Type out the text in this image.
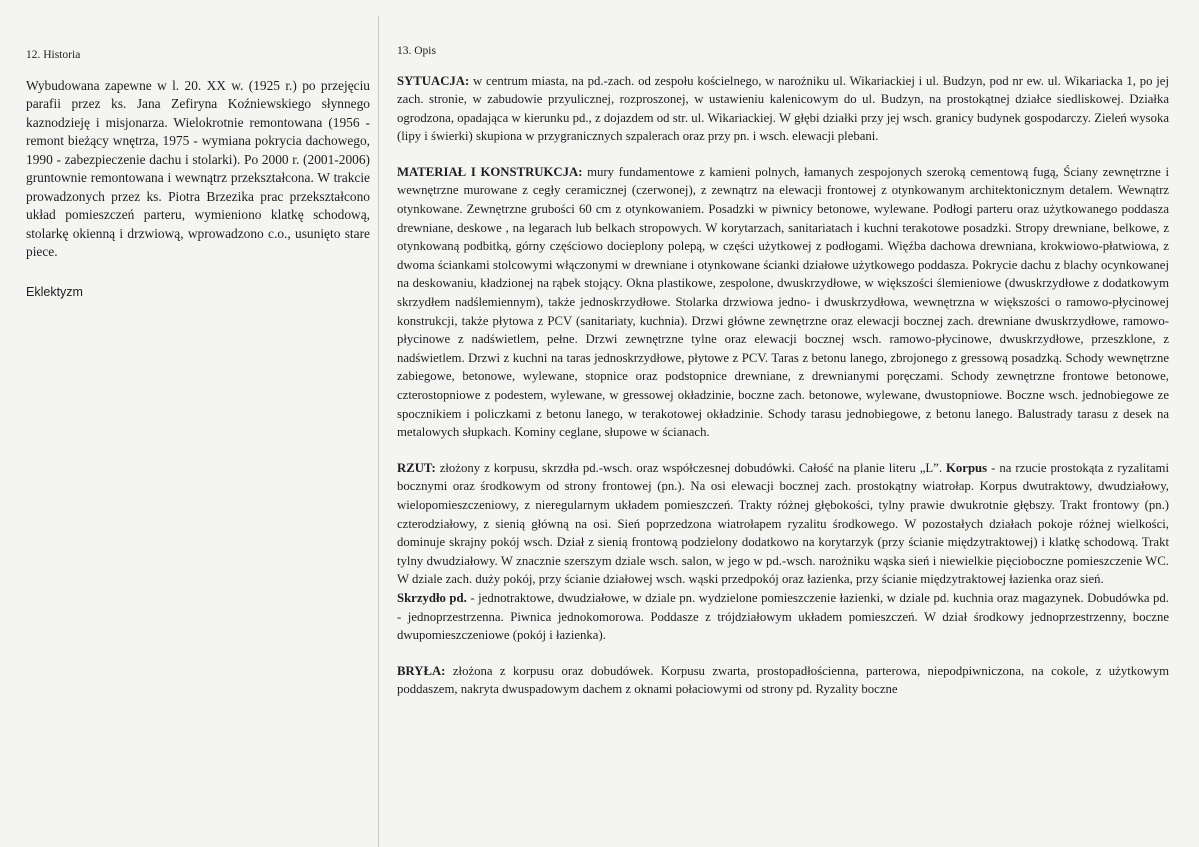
12. Historia

Wybudowana zapewne w l. 20. XX w. (1925 r.) po przejęciu parafii przez ks. Jana Zefiryna Koźniewskiego słynnego kaznodzieję i misjonarza. Wielokrotnie remontowana (1956 - remont bieżący wnętrza, 1975 - wymiana pokrycia dachowego, 1990 - zabezpieczenie dachu i stolarki). Po 2000 r. (2001-2006) gruntownie remontowana i wewnątrz przekształcona. W trakcie prowadzonych przez ks. Piotra Brzezika prac przekształcono układ pomieszczeń parteru, wymieniono klatkę schodową, stolarkę okienną i drzwiową, wprowadzono c.o., usunięto stare piece.

Eklektyzm
13. Opis

SYTUACJA: w centrum miasta, na pd.-zach. od zespołu kościelnego, w narożniku ul. Wikariackiej i ul. Budzyn, pod nr ew. ul. Wikariacka 1, po jej zach. stronie, w zabudowie przyulicznej, rozproszonej, w ustawieniu kalenicowym do ul. Budzyn, na prostokątnej działce siedliskowej. Działka ogrodzona, opadająca w kierunku pd., z dojazdem od str. ul. Wikariackiej. W głębi działki przy jej wsch. granicy budynek gospodarczy. Zieleń wysoka (lipy i świerki) skupiona w przygranicznych szpalerach oraz przy pn. i wsch. elewacji plebani.

MATERIAŁ I KONSTRUKCJA: mury fundamentowe z kamieni polnych, łamanych zespojonych szeroką cementową fugą, Ściany zewnętrzne i wewnętrzne murowane z cegły ceramicznej (czerwonej), z zewnątrz na elewacji frontowej z otynkowanym architektonicznym detalem. Wewnątrz otynkowane. Zewnętrzne grubości 60 cm z otynkowaniem. Posadzki w piwnicy betonowe, wylewane. Podłogi parteru oraz użytkowanego poddasza drewniane, deskowe , na legarach lub belkach stropowych. W korytarzach, sanitariatach i kuchni terakotowe posadzki. Stropy drewniane, belkowe, z otynkowaną podbitką, górny częściowo docieplony polepą, w części użytkowej z podłogami. Więźba dachowa drewniana, krokwiowo-płatwiowa, z dwoma ściankami stolcowymi włączonymi w drewniane i otynkowane ścianki działowe użytkowego poddasza. Pokrycie dachu z blachy ocynkowanej na deskowaniu, kładzionej na rąbek stojący. Okna plastikowe, zespolone, dwuskrzydłowe, w większości ślemieniowe (dwuskrzydłowe z dodatkowym skrzydłem nadślemiennym), także jednoskrzydłowe. Stolarka drzwiowa jedno- i dwuskrzydłowa, wewnętrzna w większości o ramowo-płycinowej konstrukcji, także płytowa z PCV (sanitariaty, kuchnia). Drzwi główne zewnętrzne oraz elewacji bocznej zach. drewniane dwuskrzydłowe, ramowo-płycinowe z nadświetlem, pełne. Drzwi zewnętrzne tylne oraz elewacji bocznej wsch. ramowo-płycinowe, dwuskrzydłowe, przeszklone, z nadświetlem. Drzwi z kuchni na taras jednoskrzydłowe, płytowe z PCV. Taras z betonu lanego, zbrojonego z gressową posadzką. Schody wewnętrzne zabiegowe, betonowe, wylewane, stopnice oraz podstopnice drewniane, z drewnianymi poręczami. Schody zewnętrzne frontowe betonowe, czterostopniowe z podestem, wylewane, w gressowej okładzinie, boczne zach. betonowe, wylewane, dwustopniowe. Boczne wsch. jednobiegowe ze spocznikiem i policzkami z betonu lanego, w terakotowej okładzinie. Schody tarasu jednobiegowe, z betonu lanego. Balustrady tarasu z desek na metalowych słupkach. Kominy ceglane, słupowe w ścianach.

RZUT: złożony z korpusu, skrzdła pd.-wsch. oraz współczesnej dobudówki. Całość na planie literu „L”. Korpus - na rzucie prostokąta z ryzalitami bocznymi oraz środkowym od strony frontowej (pn.). Na osi elewacji bocznej zach. prostokątny wiatrołap. Korpus dwutraktowy, dwudziałowy, wielopomieszczeniowy, z nieregularnym układem pomieszczeń. Trakty różnej głębokości, tylny prawie dwukrotnie głębszy. Trakt frontowy (pn.) czterodziałowy, z sienią główną na osi. Sień poprzedzona wiatrołapem ryzalitu środkowego. W pozostałych działach pokoje różnej wielkości, dominuje skrajny pokój wsch. Dział z sienią frontową podzielony dodatkowo na korytarzyk (przy ścianie międzytraktowej) i klatkę schodową. Trakt tylny dwudziałowy. W znacznie szerszym dziale wsch. salon, w jego w pd.-wsch. narożniku wąska sień i niewielkie pięcioboczne pomieszczenie WC. W dziale zach. duży pokój, przy ścianie działowej wsch. wąski przedpokój oraz łazienka, przy ścianie międzytraktowej łazienka oraz sień.

Skrzydło pd. - jednotraktowe, dwudziałowe, w dziale pn. wydzielone pomieszczenie łazienki, w dziale pd. kuchnia oraz magazynek. Dobudówka pd. - jednoprzestrzenna. Piwnica jednokomorowa. Poddasze z trójdziałowym układem pomieszczeń. W dział środkowy jednoprzestrzenny, boczne dwupomieszczeniowe (pokój i łazienka).

BRYŁA: złożona z korpusu oraz dobudówek. Korpusu zwarta, prostopadłościenna, parterowa, niepodpiwniczona, na cokole, z użytkowym poddaszem, nakryta dwuspadowym dachem z oknami połaciowymi od strony pd. Ryzality boczne
